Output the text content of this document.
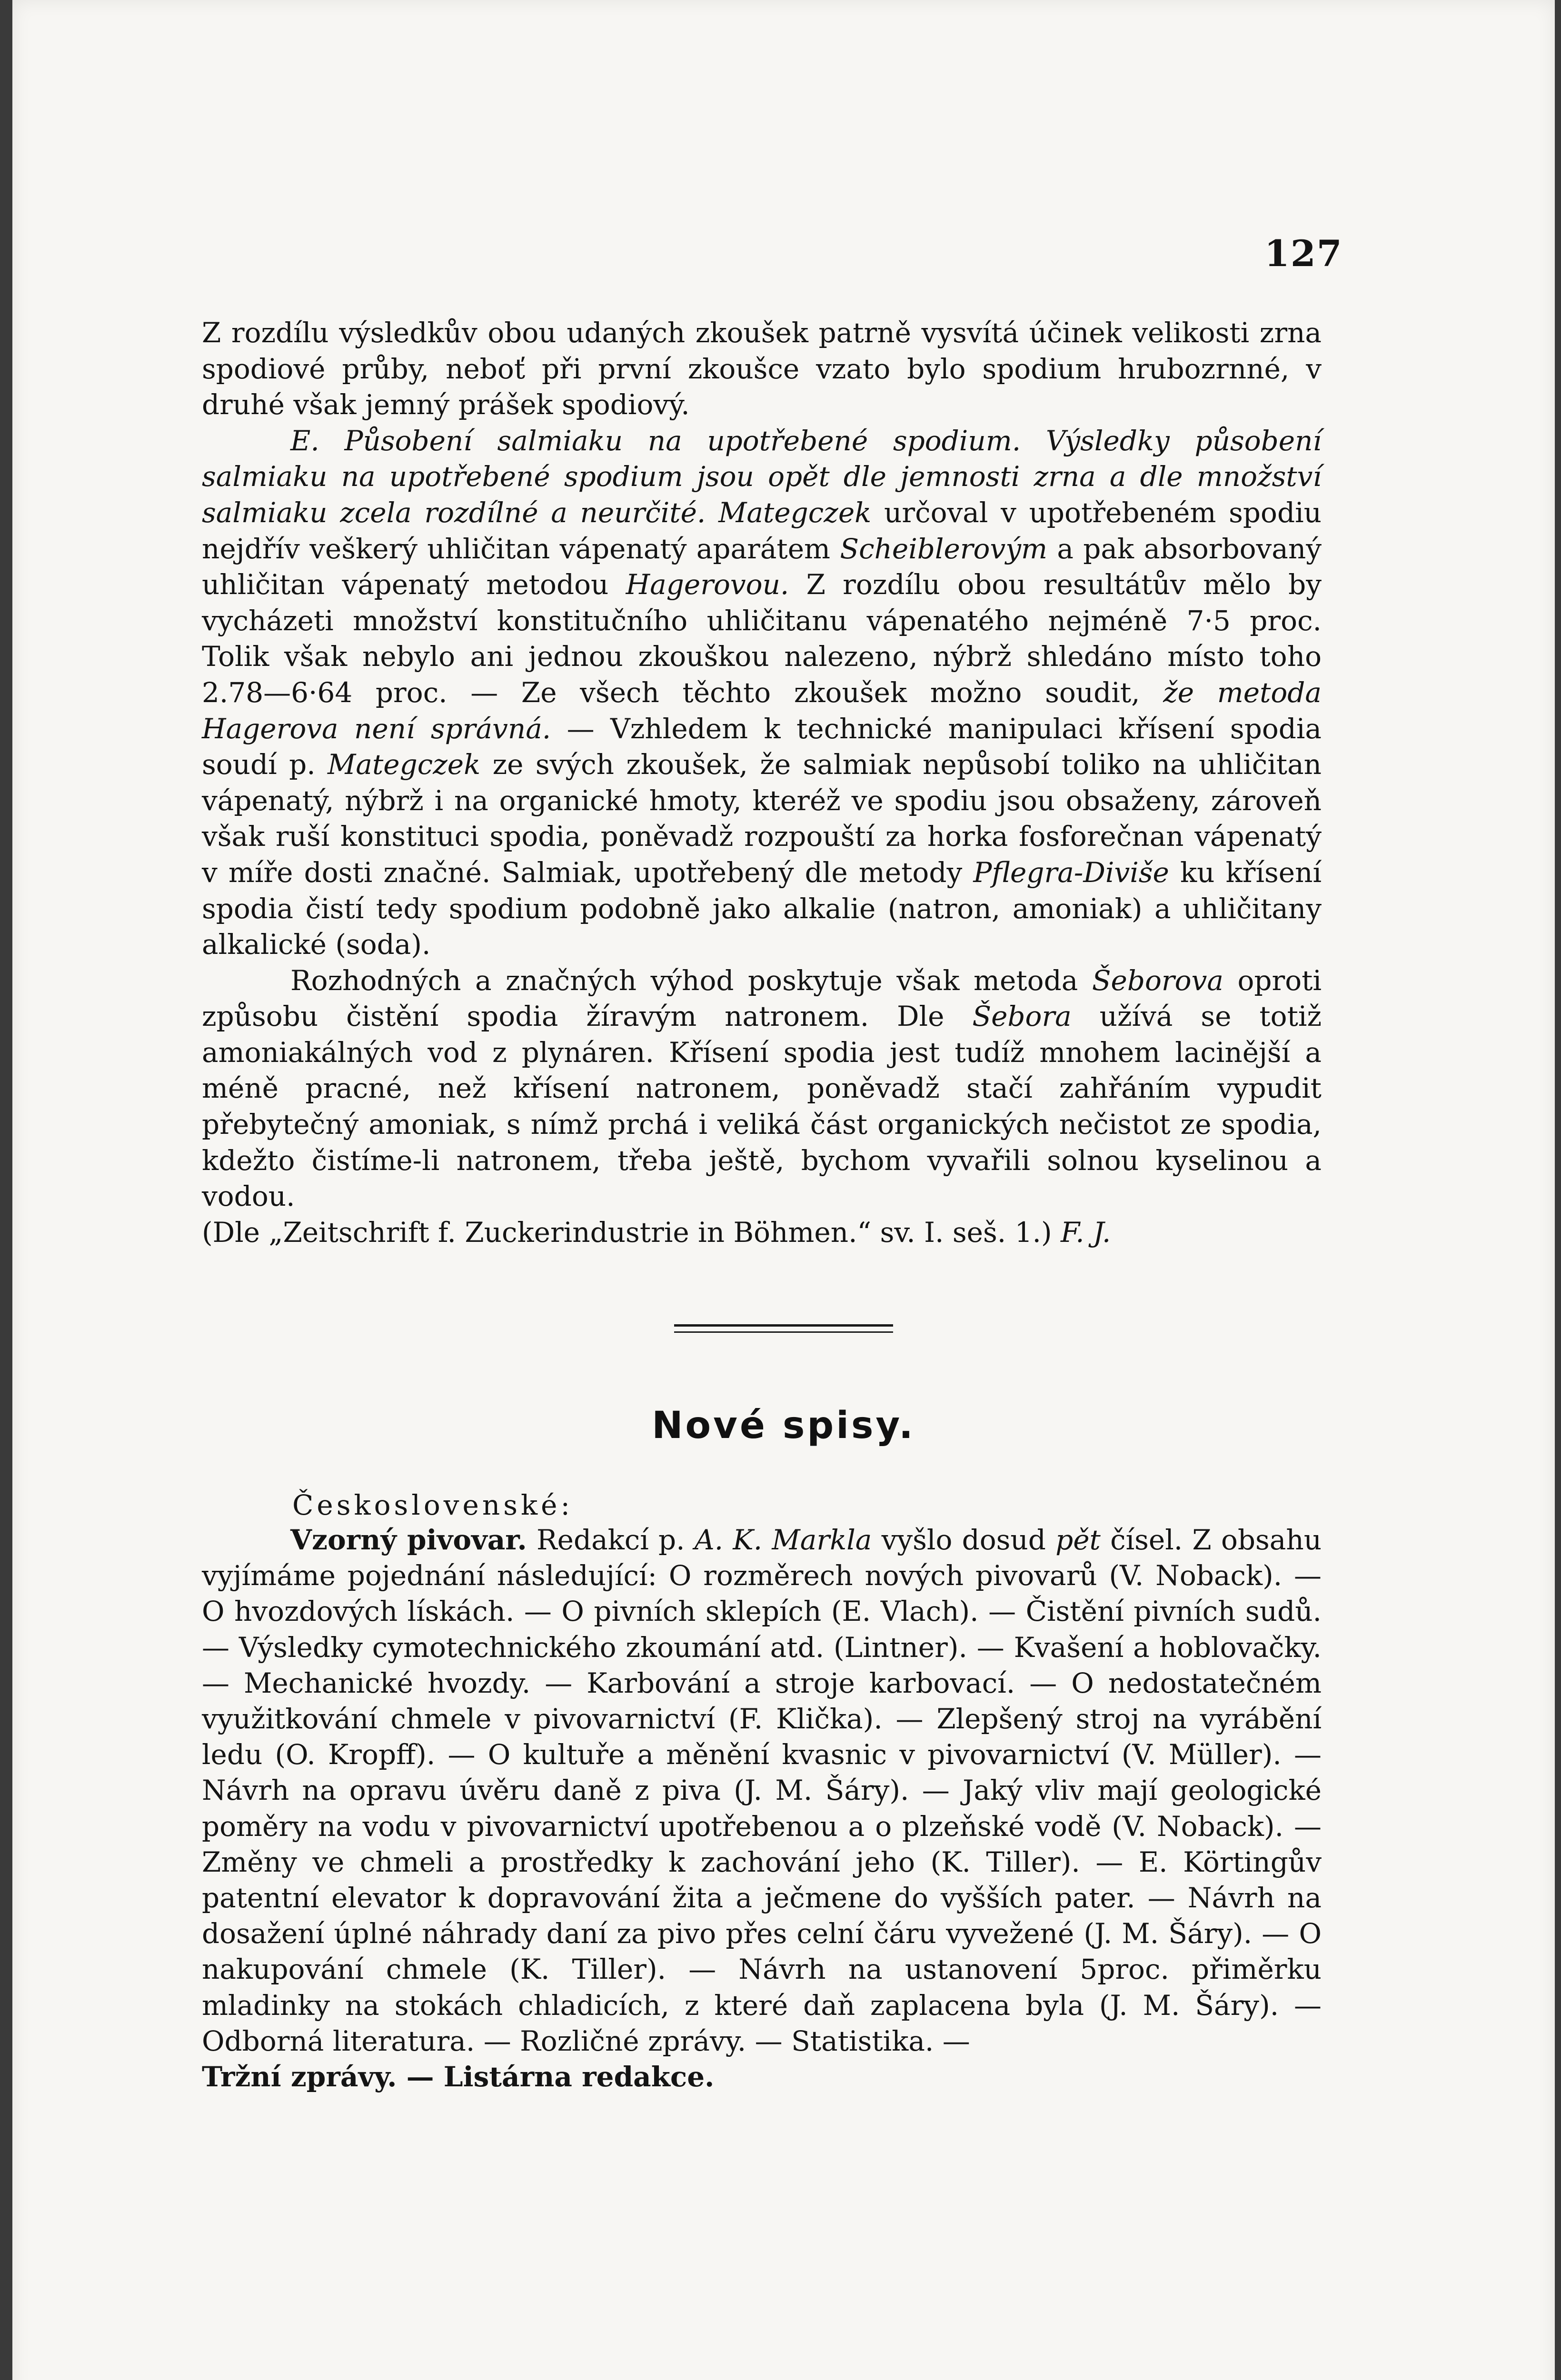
127

Z rozdílu výsledkův obou udaných zkoušek patrně vysvítá účinek velikosti zrna spodiové průby, neboť při první zkoušce vzato bylo spodium hrubozrnné, v druhé však jemný prášek spodiový.

E. Působení salmiaku na upotřebené spodium. Výsledky působení salmiaku na upotřebené spodium jsou opět dle jemnosti zrna a dle množství salmiaku zcela rozdílné a neurčité. Mategczek určoval v upotřebeném spodiu nejdřív veškerý uhličitan vápenatý aparátem Scheiblerovým a pak absorbovaný uhličitan vápenatý metodou Hagerovou. Z rozdílu obou resultátův mělo by vycházeti množství konstitučního uhličitanu vápenatého nejméně 7·5 proc. Tolik však nebylo ani jednou zkouškou nalezeno, nýbrž shledáno místo toho 2.78—6·64 proc. — Ze všech těchto zkoušek možno soudit, že metoda Hagerova není správná. — Vzhledem k technické manipulaci křísení spodia soudí p. Mategczek ze svých zkoušek, že salmiak nepůsobí toliko na uhličitan vápenatý, nýbrž i na organické hmoty, kteréž ve spodiu jsou obsaženy, zároveň však ruší konstituci spodia, poněvadž rozpouští za horka fosforečnan vápenatý v míře dosti značné. Salmiak, upotřebený dle metody Pflegra-Diviše ku křísení spodia čistí tedy spodium podobně jako alkalie (natron, amoniak) a uhličitany alkalické (soda).

Rozhodných a značných výhod poskytuje však metoda Šeborova oproti způsobu čistění spodia žíravým natronem. Dle Šebora užívá se totiž amoniakálných vod z plynáren. Křísení spodia jest tudíž mnohem lacinější a méně pracné, než křísení natronem, poněvadž stačí zahřáním vypudit přebytečný amoniak, s nímž prchá i veliká část organických nečistot ze spodia, kdežto čistíme-li natronem, třeba ještě, bychom vyvařili solnou kyselinou a vodou.

(Dle „Zeitschrift f. Zuckerindustrie in Böhmen.“ sv. I. seš. 1.) F. J.

Nové spisy.
Československé:

Vzorný pivovar. Redakcí p. A. K. Markla vyšlo dosud pět čísel. Z obsahu vyjímáme pojednání následující: O rozměrech nových pivovarů (V. Noback). — O hvozdových lískách. — O pivních sklepích (E. Vlach). — Čistění pivních sudů. — Výsledky cymotechnického zkoumání atd. (Lintner). — Kvašení a hoblovačky. — Mechanické hvozdy. — Karbování a stroje karbovací. — O nedostatečném využitkování chmele v pivovarnictví (F. Klička). — Zlepšený stroj na vyrábění ledu (O. Kropff). — O kultuře a měnění kvasnic v pivovarnictví (V. Müller). — Návrh na opravu úvěru daně z piva (J. M. Šáry). — Jaký vliv mají geologické poměry na vodu v pivovarnictví upotřebenou a o plzeňské vodě (V. Noback). — Změny ve chmeli a prostředky k zachování jeho (K. Tiller). — E. Körtingův patentní elevator k dopravování žita a ječmene do vyšších pater. — Návrh na dosažení úplné náhrady daní za pivo přes celní čáru vyvežené (J. M. Šáry). — O nakupování chmele (K. Tiller). — Návrh na ustanovení 5proc. přiměrku mladinky na stokách chladicích, z které daň zaplacena byla (J. M. Šáry). — Odborná literatura. — Rozličné zprávy. — Statistika. —

Tržní zprávy. — Listárna redakce.
